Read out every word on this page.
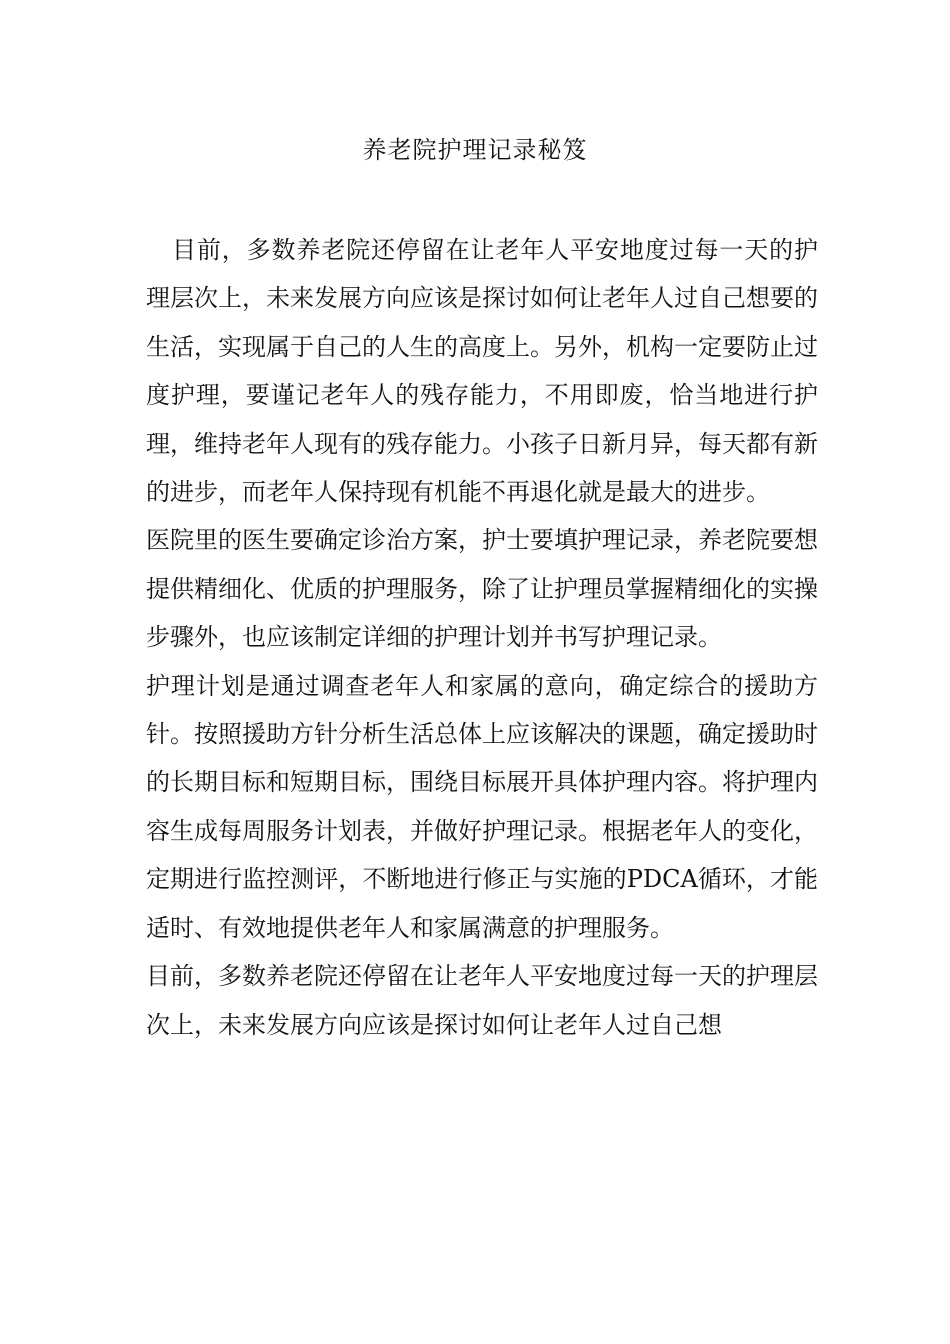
养老院护理记录秘笈

目前，多数养老院还停留在让老年人平安地度过每一天的护理层次上，未来发展方向应该是探讨如何让老年人过自己想要的生活，实现属于自己的人生的高度上。另外，机构一定要防止过度护理，要谨记老年人的残存能力，不用即废，恰当地进行护理，维持老年人现有的残存能力。小孩子日新月异，每天都有新的进步，而老年人保持现有机能不再退化就是最大的进步。

医院里的医生要确定诊治方案，护士要填护理记录，养老院要想提供精细化、优质的护理服务，除了让护理员掌握精细化的实操步骤外，也应该制定详细的护理计划并书写护理记录。

护理计划是通过调查老年人和家属的意向，确定综合的援助方针。按照援助方针分析生活总体上应该解决的课题，确定援助时的长期目标和短期目标，围绕目标展开具体护理内容。将护理内容生成每周服务计划表，并做好护理记录。根据老年人的变化，定期进行监控测评，不断地进行修正与实施的PDCA循环，才能适时、有效地提供老年人和家属满意的护理服务。

目前，多数养老院还停留在让老年人平安地度过每一天的护理层次上，未来发展方向应该是探讨如何让老年人过自己想
